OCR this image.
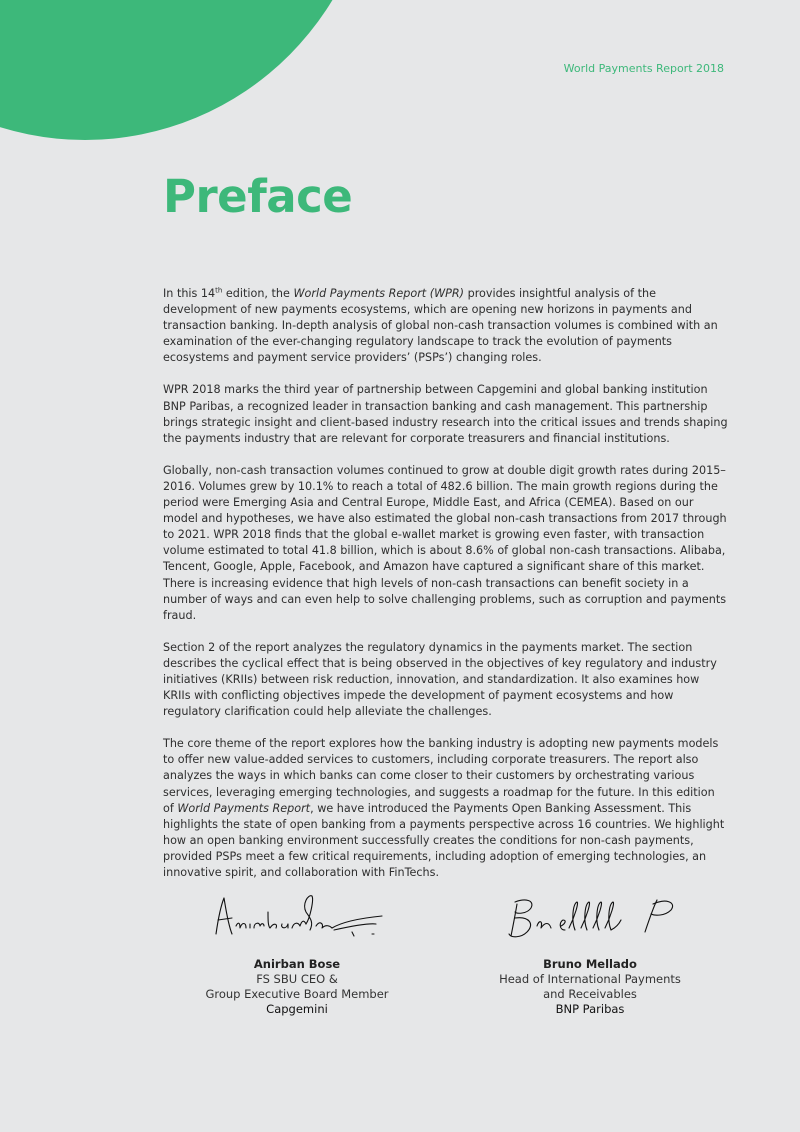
World Payments Report 2018
Preface

In this 14th edition, the World Payments Report (WPR) provides insightful analysis of the development of new payments ecosystems, which are opening new horizons in payments and transaction banking. In-depth analysis of global non-cash transaction volumes is combined with an examination of the ever-changing regulatory landscape to track the evolution of payments ecosystems and payment service providers’ (PSPs’) changing roles.

WPR 2018 marks the third year of partnership between Capgemini and global banking institution BNP Paribas, a recognized leader in transaction banking and cash management. This partnership brings strategic insight and client-based industry research into the critical issues and trends shaping the payments industry that are relevant for corporate treasurers and financial institutions.

Globally, non-cash transaction volumes continued to grow at double digit growth rates during 2015–2016. Volumes grew by 10.1% to reach a total of 482.6 billion. The main growth regions during the period were Emerging Asia and Central Europe, Middle East, and Africa (CEMEA). Based on our model and hypotheses, we have also estimated the global non-cash transactions from 2017 through to 2021. WPR 2018 finds that the global e-wallet market is growing even faster, with transaction volume estimated to total 41.8 billion, which is about 8.6% of global non-cash transactions. Alibaba, Tencent, Google, Apple, Facebook, and Amazon have captured a significant share of this market. There is increasing evidence that high levels of non-cash transactions can benefit society in a number of ways and can even help to solve challenging problems, such as corruption and payments fraud.

Section 2 of the report analyzes the regulatory dynamics in the payments market. The section describes the cyclical effect that is being observed in the objectives of key regulatory and industry initiatives (KRIIs) between risk reduction, innovation, and standardization. It also examines how KRIIs with conflicting objectives impede the development of payment ecosystems and how regulatory clarification could help alleviate the challenges.

The core theme of the report explores how the banking industry is adopting new payments models to offer new value-added services to customers, including corporate treasurers. The report also analyzes the ways in which banks can come closer to their customers by orchestrating various services, leveraging emerging technologies, and suggests a roadmap for the future. In this edition of World Payments Report, we have introduced the Payments Open Banking Assessment. This highlights the state of open banking from a payments perspective across 16 countries. We highlight how an open banking environment successfully creates the conditions for non-cash payments, provided PSPs meet a few critical requirements, including adoption of emerging technologies, an innovative spirit, and collaboration with FinTechs.

Anirban Bose
FS SBU CEO &
Group Executive Board Member
Capgemini
Bruno Mellado
Head of International Payments
and Receivables
BNP Paribas
